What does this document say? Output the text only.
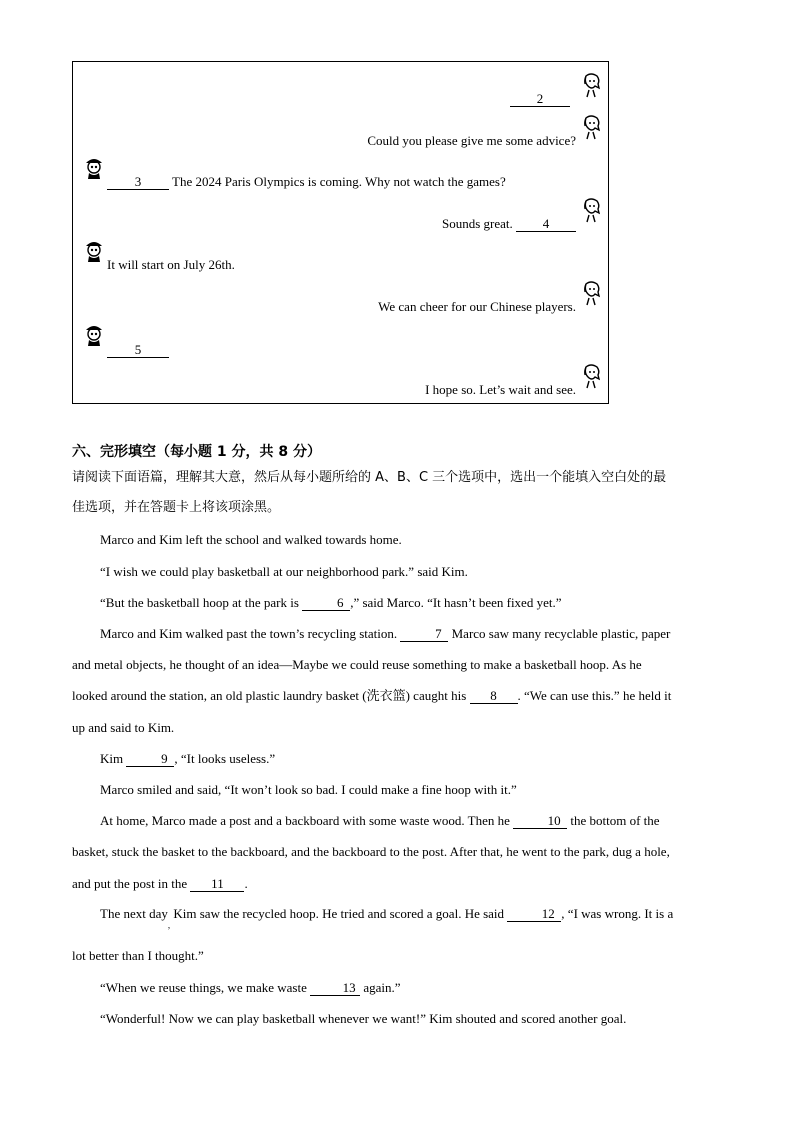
2
Could you please give me some advice?
3 The 2024 Paris Olympics is coming. Why not watch the games?
Sounds great. 4
It will start on July 26th.
We can cheer for our Chinese players.
5
I hope so. Let’s wait and see.
六、完形填空（每小题 1 分，共 8 分）
请阅读下面语篇，理解其大意，然后从每小题所给的 A、B、C 三个选项中，选出一个能填入空白处的最
佳选项，并在答题卡上将该项涂黑。
Marco and Kim left the school and walked towards home.
“I wish we could play basketball at our neighborhood park.” said Kim.
“But the basketball hoop at the park is	6 ,” said Marco. “It hasn’t been fixed yet.”
Marco and Kim walked past the town’s recycling station.	7 Marco saw many recyclable plastic, paper
and metal objects, he thought of an idea—Maybe we could reuse something to make a basketball hoop. As he
looked around the station, an old plastic laundry basket (洗衣篮) caught his 8 . “We can use this.” he held it
up and said to Kim.
Kim	9 , “It looks useless.”
Marco smiled and said, “It won’t look so bad. I could make a fine hoop with it.”
At home, Marco made a post and a backboard with some waste wood. Then he	10 the bottom of the
basket, stuck the basket to the backboard, and the backboard to the post. After that, he went to the park, dug a hole,
and put the post in the 11 .
The next day$_,$ Kim saw the recycled hoop. He tried and scored a goal. He said	12 , “I was wrong. It is a
lot better than I thought.”
“When we reuse things, we make waste	13 again.”
“Wonderful! Now we can play basketball whenever we want!” Kim shouted and scored another goal.
